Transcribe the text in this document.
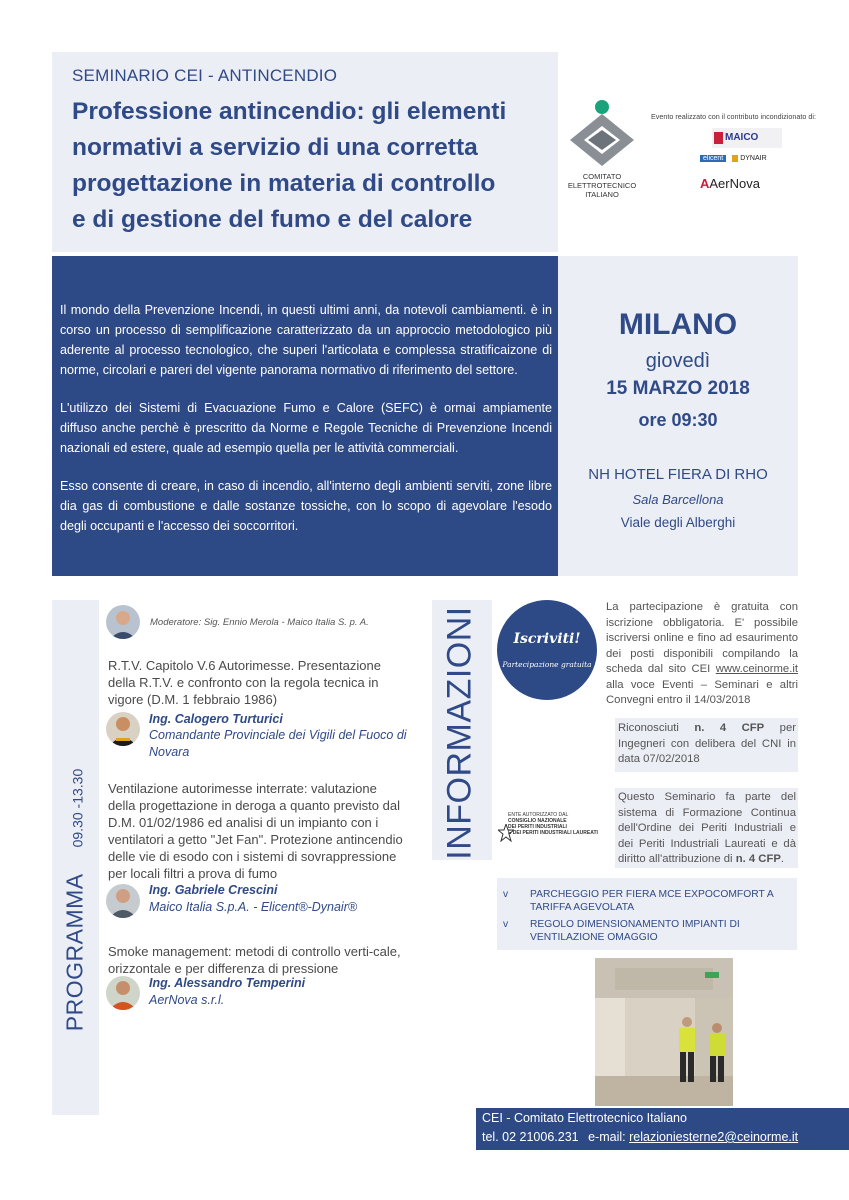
SEMINARIO CEI - ANTINCENDIO
Professione antincendio: gli elementi
normativi a servizio di una corretta
progettazione in materia di controllo
e di gestione del fumo e del calore
COMITATO
ELETTROTECNICO
ITALIANO
Evento realizzato con il contributo incondizionato di:
$^{MAICO}$
elicent DYNAIR
AAerNova

Il mondo della Prevenzione Incendi, in questi ultimi anni, da notevoli cambiamenti. è in corso un processo di semplificazione caratterizzato da un approccio metodologico più aderente al processo tecnologico, che superi l'articolata e complessa stratificaizone di norme, circolari e pareri del vigente panorama normativo di riferimento del settore.

L'utilizzo dei Sistemi di Evacuazione Fumo e Calore (SEFC) è ormai ampiamente diffuso anche perchè è prescritto da Norme e Regole Tecniche di Prevenzione Incendi nazionali ed estere, quale ad esempio quella per le attività commerciali.

Esso consente di creare, in caso di incendio, all'interno degli ambienti serviti, zone libre dia gas di combustione e dalle sostanze tossiche, con lo scopo di agevolare l'esodo degli occupanti e l'accesso dei soccorritori.

MILANO
giovedì
15 MARZO 2018
ore 09:30
NH HOTEL FIERA DI RHO
Sala Barcellona
Viale degli Alberghi
PROGRAMMA09.30 -13.30
Moderatore: Sig. Ennio Merola - Maico Italia S. p. A.
R.T.V. Capitolo V.6 Autorimesse. Presentazione della R.T.V. e confronto con la regola tecnica in vigore (D.M. 1 febbraio 1986)
Ing. Calogero Turturici
Comandante Provinciale dei Vigili del Fuoco di Novara
Ventilazione autorimesse interrate: valutazione della progettazione in deroga a quanto previsto dal D.M. 01/02/1986 ed analisi di un impianto con i ventilatori a getto "Jet Fan". Protezione antincendio delle vie di esodo con i sistemi di sovrappressione per locali filtri a prova di fumo
Ing. Gabriele Crescini
Maico Italia S.p.A. - Elicent®-Dynair®
Smoke management: metodi di controllo verti-cale, orizzontale e per differenza di pressione
Ing. Alessandro Temperini
AerNova s.r.l.
INFORMAZIONI	Iscriviti!
Partecipazione gratuita
La partecipazione è gratuita con iscrizione obbligatoria. E' possibile iscriversi online e fino ad esaurimento dei posti disponibili compilando la scheda dal sito CEI www.ceinorme.it alla voce Eventi – Seminari e altri Convegni entro il 14/03/2018
Riconosciuti n. 4 CFP per Ingegneri con delibera del CNI in data 07/02/2018
Questo Seminario fa parte del sistema di Formazione Continua dell'Ordine dei Periti Industriali e dei Periti Industriali Laureati e dà diritto all'attribuzione di n. 4 CFP.
ENTE AUTORIZZATO DAL
CONSIGLIO NAZIONALE
DEI PERITI INDUSTRIALI
E DEI PERITI INDUSTRIALI LAUREATI
v PARCHEGGIO PER FIERA MCE EXPOCOMFORT A TARIFFA AGEVOLATA
v REGOLO DIMENSIONAMENTO IMPIANTI DI VENTILAZIONE OMAGGIO
CEI - Comitato Elettrotecnico Italiano
tel. 02 21006.231 e-mail: relazioniesterne2@ceinorme.it
